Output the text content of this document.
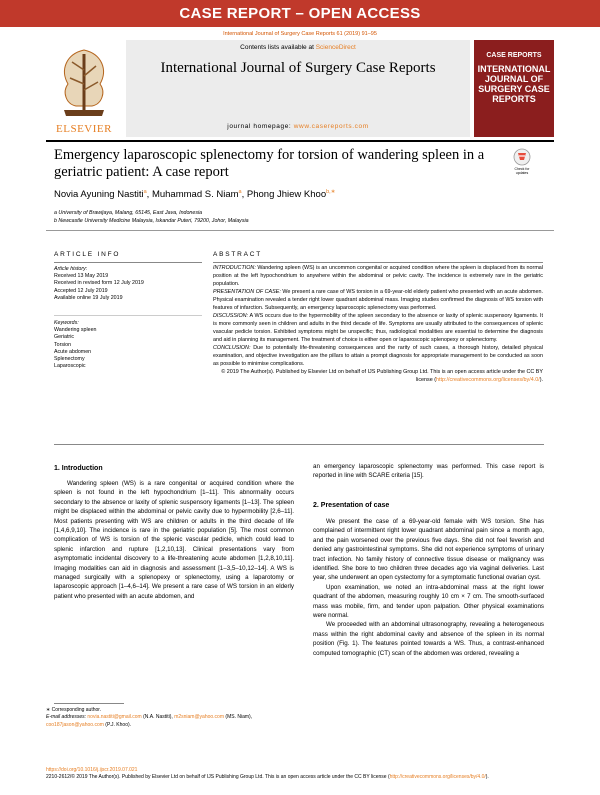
CASE REPORT – OPEN ACCESS
International Journal of Surgery Case Reports 61 (2019) 91–95
ELSEVIER
Contents lists available at ScienceDirect
International Journal of Surgery Case Reports
journal homepage: www.casereports.com
CASE REPORTS
INTERNATIONAL JOURNAL OF SURGERY CASE REPORTS
Emergency laparoscopic splenectomy for torsion of wandering spleen in a geriatric patient: A case report	Check for updates
Novia Ayuning Nastiti$^a$, Muhammad S. Niam$^a$, Phong Jhiew Khoo$^{b,∗}$
a University of Brawijaya, Malang, 65145, East Java, Indonesia
b Newcastle University Medicine Malaysia, Iskandar Puteri, 79200, Johor, Malaysia
ARTICLE INFO	ABSTRACT
Article history:
Received 13 May 2019
Received in revised form 12 July 2019
Accepted 12 July 2019
Available online 19 July 2019
Keywords:
Wandering spleen
Geriatric
Torsion
Acute abdomen
Splenectomy
Laparoscopic
INTRODUCTION: Wandering spleen (WS) is an uncommon congenital or acquired condition where the spleen is displaced from its normal position at the left hypochondrium to anywhere within the abdominal or pelvic cavity. The incidence is extremely rare in the geriatric population.
PRESENTATION OF CASE: We present a rare case of WS torsion in a 69-year-old elderly patient who presented with an acute abdomen. Physical examination revealed a tender right lower quadrant abdominal mass. Imaging studies confirmed the diagnosis of WS torsion with features of infarction. Subsequently, an emergency laparoscopic splenectomy was performed.
DISCUSSION: A WS occurs due to the hypermobility of the spleen secondary to the absence or laxity of splenic suspensory ligaments. It is more commonly seen in children and adults in the third decade of life. Symptoms are usually attributed to the consequences of splenic vascular pedicle torsion. Exhibited symptoms might be unspecific; thus, radiological modalities are essential to determine the diagnosis and aid in planning its management. The treatment of choice is either open or laparoscopic splenopexy or splenectomy.
CONCLUSION: Due to potentially life-threatening consequences and the rarity of such cases, a thorough history, detailed physical examination, and objective investigation are the pillars to attain a prompt diagnosis for appropriate management to be conducted as soon as possible to minimise complications.
© 2019 The Author(s). Published by Elsevier Ltd on behalf of IJS Publishing Group Ltd. This is an open access article under the CC BY license (http://creativecommons.org/licenses/by/4.0/).
1. Introduction

Wandering spleen (WS) is a rare congenital or acquired condition where the spleen is not found in the left hypochondrium [1–11]. This abnormality occurs secondary to the absence or laxity of splenic suspensory ligaments [1–13]. The spleen might be displaced within the abdominal or pelvic cavity due to hypermobility [2,6–11]. Most patients presenting with WS are children or adults in the third decade of life [1,4,6,9,10]. The incidence is rare in the geriatric population [5]. The most common complication of WS is torsion of the splenic vascular pedicle, which could lead to splenic infarction and rupture [1,2,10,13]. Clinical presentations vary from asymptomatic incidental discovery to a life-threatening acute abdomen [1,2,8,10,11]. Imaging modalities can aid in diagnosis and assessment [1–3,5–10,12–14]. A WS is managed surgically with a splenopexy or splenectomy, using a laparotomy or laparoscopic approach [1–4,6–14]. We present a rare case of WS torsion in an elderly patient who presented with an acute abdomen, and

an emergency laparoscopic splenectomy was performed. This case report is reported in line with SCARE criteria [15].
2. Presentation of case

We present the case of a 69-year-old female with WS torsion. She has complained of intermittent right lower quadrant abdominal pain since a month ago, and the pain worsened over the previous five days. She did not feel feverish and denied any gastrointestinal symptoms. She did not experience symptoms of urinary tract infection. No family history of connective tissue disease or malignancy was identified. She bore to two children three decades ago via vaginal deliveries. Last year, she underwent an open cystectomy for a symptomatic functional ovarian cyst.

Upon examination, we noted an intra-abdominal mass at the right lower quadrant of the abdomen, measuring roughly 10 cm × 7 cm. The smooth-surfaced mass was mobile, firm, and tender upon palpation. Other physical examinations were normal.

We proceeded with an abdominal ultrasonography, revealing a heterogeneous mass within the right abdominal cavity and absence of the spleen in its normal position (Fig. 1). The features pointed towards a WS. Thus, a contrast-enhanced computed tomographic (CT) scan of the abdomen was ordered, revealing a

∗ Corresponding author.
E-mail addresses: novia.nastiti@gmail.com (N.A. Nastiti), m2sniam@yahoo.com (MS. Niam), coo187jason@yahoo.com (P.J. Khoo).
https://doi.org/10.1016/j.ijscr.2019.07.021
2210-2612/© 2019 The Author(s). Published by Elsevier Ltd on behalf of IJS Publishing Group Ltd. This is an open access article under the CC BY license (http://creativecommons.org/licenses/by/4.0/).
